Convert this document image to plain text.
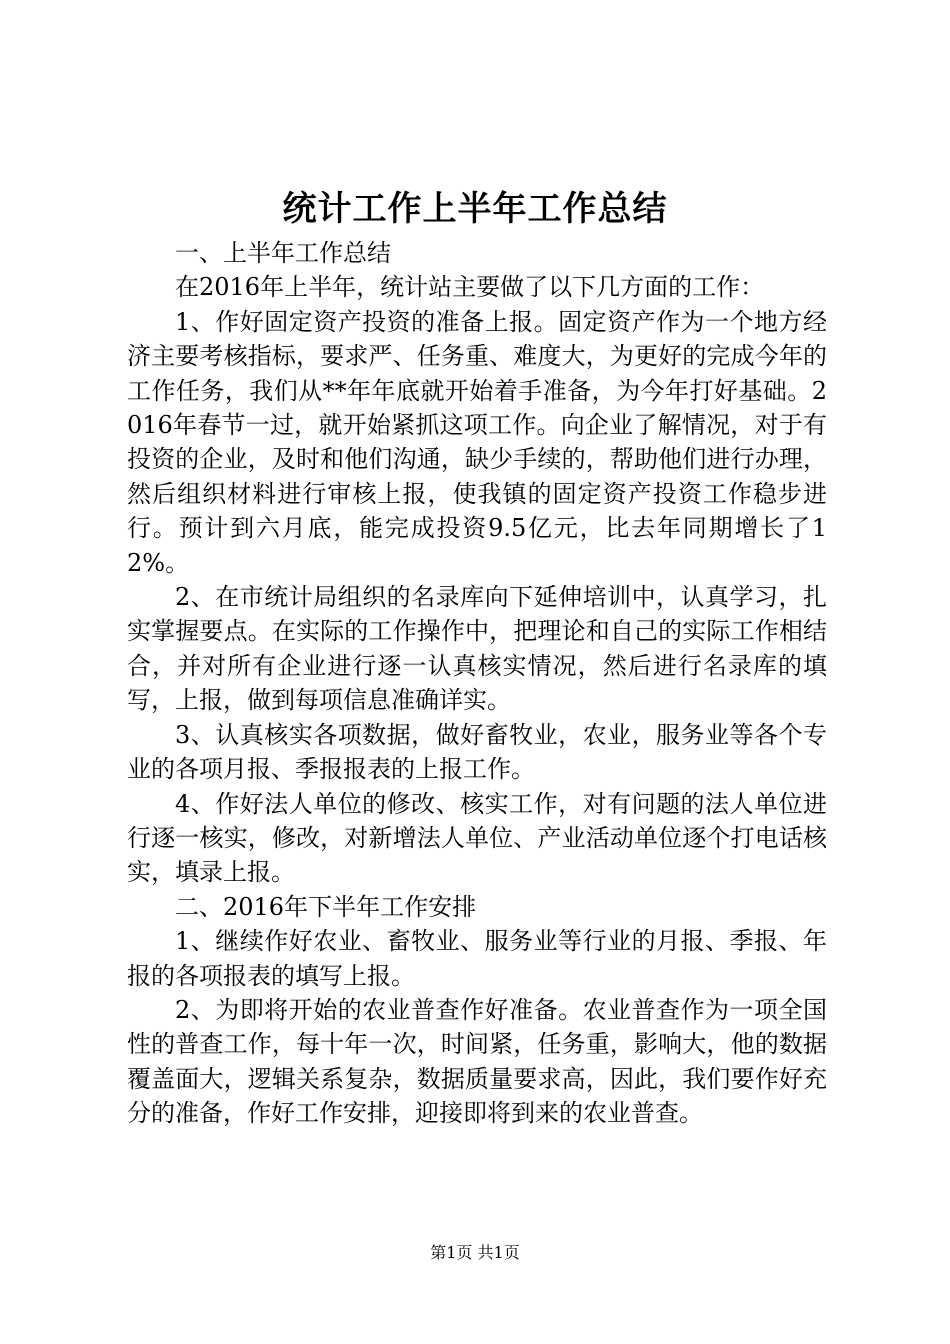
统计工作上半年工作总结

一、上半年工作总结

在2016年上半年，统计站主要做了以下几方面的工作：

1、作好固定资产投资的准备上报。固定资产作为一个地方经济主要考核指标，要求严、任务重、难度大，为更好的完成今年的工作任务，我们从**年年底就开始着手准备，为今年打好基础。2016年春节一过，就开始紧抓这项工作。向企业了解情况，对于有投资的企业，及时和他们沟通，缺少手续的，帮助他们进行办理，然后组织材料进行审核上报，使我镇的固定资产投资工作稳步进行。预计到六月底，能完成投资9.5亿元，比去年同期增长了12%。

2、在市统计局组织的名录库向下延伸培训中，认真学习，扎实掌握要点。在实际的工作操作中，把理论和自己的实际工作相结合，并对所有企业进行逐一认真核实情况，然后进行名录库的填写，上报，做到每项信息准确详实。

3、认真核实各项数据，做好畜牧业，农业，服务业等各个专业的各项月报、季报报表的上报工作。

4、作好法人单位的修改、核实工作，对有问题的法人单位进行逐一核实，修改，对新增法人单位、产业活动单位逐个打电话核实，填录上报。

二、2016年下半年工作安排

1、继续作好农业、畜牧业、服务业等行业的月报、季报、年报的各项报表的填写上报。

2、为即将开始的农业普查作好准备。农业普查作为一项全国性的普查工作，每十年一次，时间紧，任务重，影响大，他的数据覆盖面大，逻辑关系复杂，数据质量要求高，因此，我们要作好充分的准备，作好工作安排，迎接即将到来的农业普查。

第1页 共1页
